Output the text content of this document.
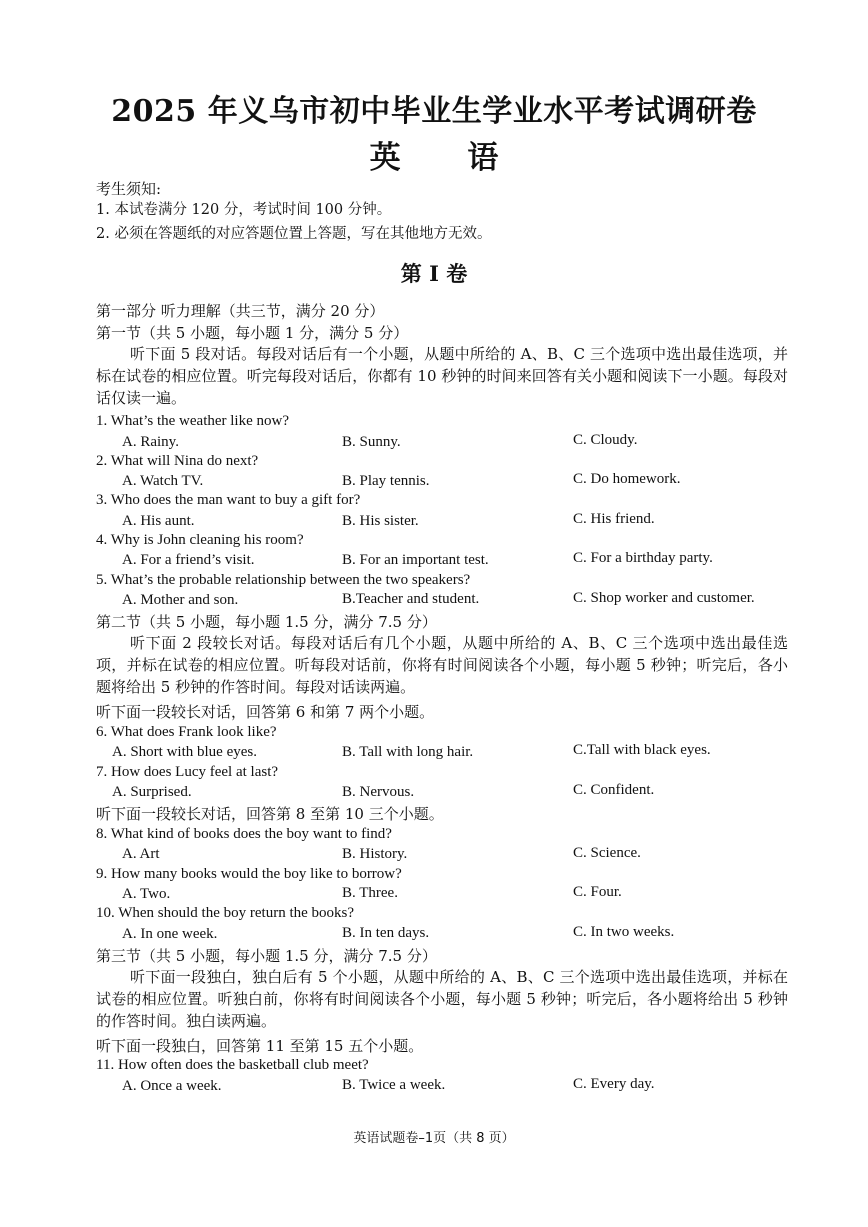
2025 年义乌市初中毕业生学业水平考试调研卷
英 语
考生须知:
1. 本试卷满分 120 分，考试时间 100 分钟。
2. 必须在答题纸的对应答题位置上答题，写在其他地方无效。
第 I 卷
第一部分 听力理解（共三节，满分 20 分）
第一节（共 5 小题，每小题 1 分，满分 5 分）
听下面 5 段对话。每段对话后有一个小题，从题中所给的 A、B、C 三个选项中选出最佳选项，并标在试卷的相应位置。听完每段对话后，你都有 10 秒钟的时间来回答有关小题和阅读下一小题。每段对话仅读一遍。
1. What’s the weather like now?
A. Rainy.	B. Sunny.	C. Cloudy.
2. What will Nina do next?
A. Watch TV.	B. Play tennis.	C. Do homework.
3. Who does the man want to buy a gift for?
A. His aunt.	B. His sister.	C. His friend.
4. Why is John cleaning his room?
A. For a friend’s visit.	B. For an important test.	C. For a birthday party.
5. What’s the probable relationship between the two speakers?
A. Mother and son.	B.Teacher and student.	C. Shop worker and customer.
第二节（共 5 小题，每小题 1.5 分，满分 7.5 分）
听下面 2 段较长对话。每段对话后有几个小题，从题中所给的 A、B、C 三个选项中选出最佳选项，并标在试卷的相应位置。听每段对话前，你将有时间阅读各个小题，每小题 5 秒钟；听完后，各小题将给出 5 秒钟的作答时间。每段对话读两遍。
听下面一段较长对话，回答第 6 和第 7 两个小题。
6. What does Frank look like?
A. Short with blue eyes.	B. Tall with long hair.	C.Tall with black eyes.
7. How does Lucy feel at last?
A. Surprised.	B. Nervous.	C. Confident.
听下面一段较长对话，回答第 8 至第 10 三个小题。
8. What kind of books does the boy want to find?
A. Art	B. History.	C. Science.
9. How many books would the boy like to borrow?
A. Two.	B. Three.	C. Four.
10. When should the boy return the books?
A. In one week.	B. In ten days.	C. In two weeks.
第三节（共 5 小题，每小题 1.5 分，满分 7.5 分）
听下面一段独白，独白后有 5 个小题，从题中所给的 A、B、C 三个选项中选出最佳选项，并标在试卷的相应位置。听独白前，你将有时间阅读各个小题，每小题 5 秒钟；听完后，各小题将给出 5 秒钟的作答时间。独白读两遍。
听下面一段独白，回答第 11 至第 15 五个小题。
11. How often does the basketball club meet?
A. Once a week.	B. Twice a week.	C. Every day.
英语试题卷–1页（共 8 页）
